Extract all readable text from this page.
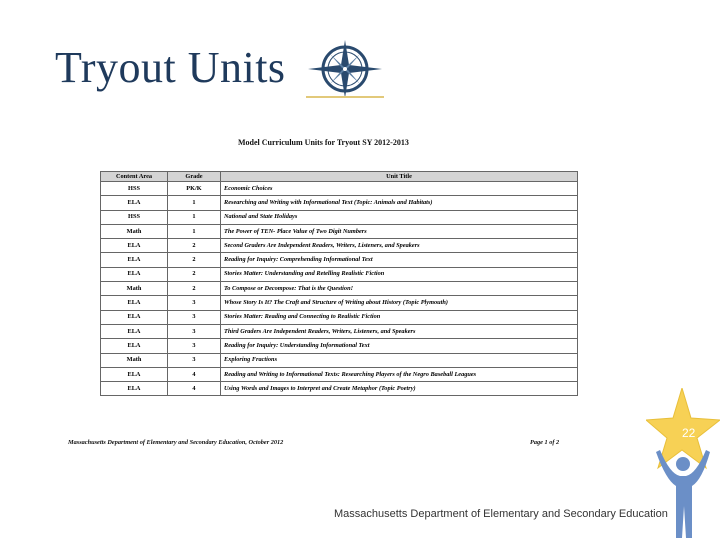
Tryout Units
Model Curriculum Units for Tryout SY 2012-2013
Content Area	Grade	Unit Title
HSS	PK/K	Economic Choices
ELA	1	Researching and Writing with Informational Text (Topic: Animals and Habitats)
HSS	1	National and State Holidays
Math	1	The Power of TEN- Place Value of Two Digit Numbers
ELA	2	Second Graders Are Independent Readers, Writers, Listeners, and Speakers
ELA	2	Reading for Inquiry: Comprehending Informational Text
ELA	2	Stories Matter: Understanding and Retelling Realistic Fiction
Math	2	To Compose or Decompose: That is the Question!
ELA	3	Whose Story Is It? The Craft and Structure of Writing about History (Topic Plymouth)
ELA	3	Stories Matter: Reading and Connecting to Realistic Fiction
ELA	3	Third Graders Are Independent Readers, Writers, Listeners, and Speakers
ELA	3	Reading for Inquiry: Understanding Informational Text
Math	3	Exploring Fractions
ELA	4	Reading and Writing to Informational Texts: Researching Players of the Negro Baseball Leagues
ELA	4	Using Words and Images to Interpret and Create Metaphor (Topic Poetry)
Massachusetts Department of Elementary and Secondary Education, October 2012	Page 1 of 2
22
Massachusetts Department of Elementary and Secondary Education
